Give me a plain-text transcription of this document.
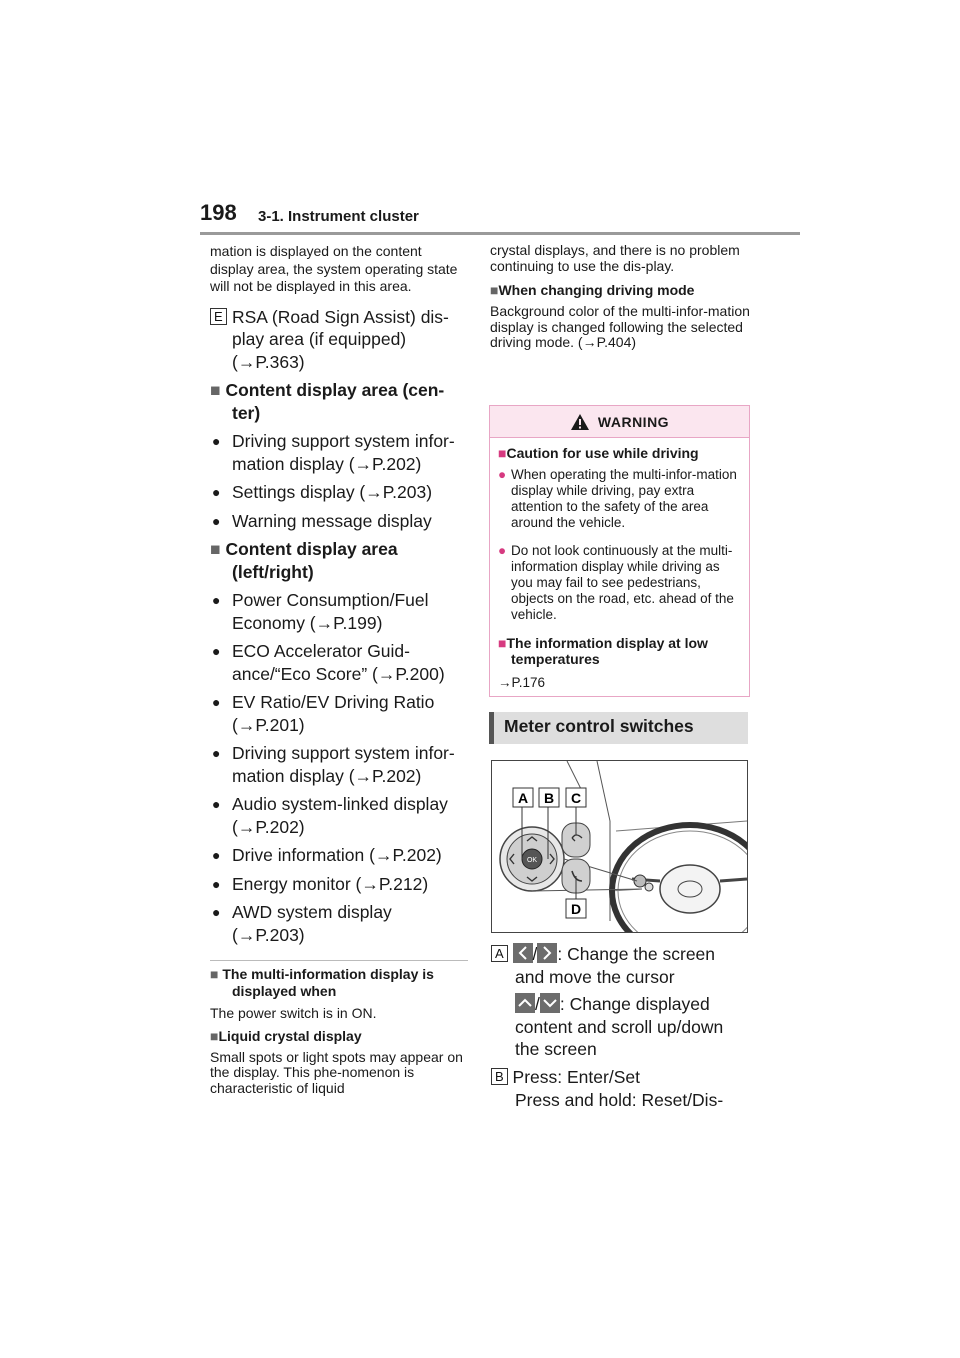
198 3-1. Instrument cluster
mation is displayed on the content display area, the system operating state will not be displayed in this area.
E RSA (Road Sign Assist) dis-
play area (if equipped)
(→P.363)
■ Content display area (cen-ter)
● Driving support system infor-mation display (→P.202)
● Settings display (→P.203)
● Warning message display
■ Content display area (left/right)
● Power Consumption/Fuel Economy (→P.199)
● ECO Accelerator Guid-ance/“Eco Score” (→P.200)
● EV Ratio/EV Driving Ratio (→P.201)
● Driving support system infor-mation display (→P.202)
● Audio system-linked display (→P.202)
● Drive information (→P.202)
● Energy monitor (→P.212)
● AWD system display (→P.203)
■ The multi-information display is displayed when
The power switch is in ON.
■Liquid crystal display
Small spots or light spots may appear on the display. This phe-nomenon is characteristic of liquid
crystal displays, and there is no problem continuing to use the dis-play.
■When changing driving mode
Background color of the multi-infor-mation display is changed following the selected driving mode. (→P.404)
WARNING
■Caution for use while driving
● When operating the multi-infor-mation display while driving, pay extra attention to the safety of the area around the vehicle.
● Do not look continuously at the multi-information display while driving as you may fail to see pedestrians, objects on the road, etc. ahead of the vehicle.
■The information display at low temperatures
→P.176
Meter control switches
OK
A B C
D
A / : Change the screen
and move the cursor
/ : Change displayed
content and scroll up/down
the screen
B Press: Enter/Set
Press and hold: Reset/Dis-
